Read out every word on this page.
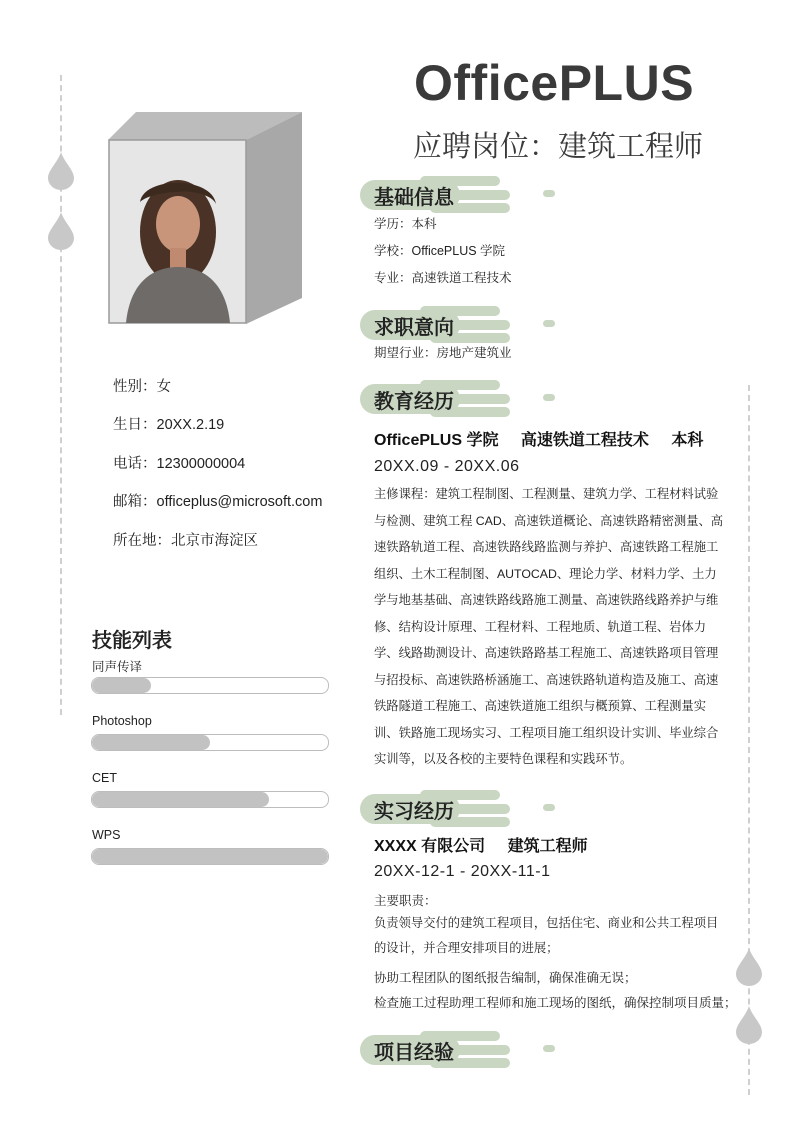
OfficePLUS
应聘岗位：建筑工程师
性别：女
生日：20XX.2.19
电话：12300000004
邮箱：officeplus@microsoft.com
所在地：北京市海淀区
技能列表
同声传译
Photoshop
CET
WPS
基础信息
学历：本科
学校：OfficePLUS 学院
专业：高速铁道工程技术
求职意向
期望行业：房地产建筑业
教育经历
OfficePLUS 学院 高速铁道工程技术 本科
20XX.09 - 20XX.06
主修课程：建筑工程制图、工程测量、建筑力学、工程材料试验与检测、建筑工程 CAD、高速铁道概论、高速铁路精密测量、高速铁路轨道工程、高速铁路线路监测与养护、高速铁路工程施工组织、土木工程制图、AUTOCAD、理论力学、材料力学、土力学与地基基础、高速铁路线路施工测量、高速铁路线路养护与维修、结构设计原理、工程材料、工程地质、轨道工程、岩体力学、线路勘测设计、高速铁路路基工程施工、高速铁路项目管理与招投标、高速铁路桥涵施工、高速铁路轨道构造及施工、高速铁路隧道工程施工、高速铁道施工组织与概预算、工程测量实训、铁路施工现场实习、工程项目施工组织设计实训、毕业综合实训等，以及各校的主要特色课程和实践环节。
实习经历
XXXX 有限公司 建筑工程师
20XX-12-1 - 20XX-11-1
主要职责：
负责领导交付的建筑工程项目，包括住宅、商业和公共工程项目的设计，并合理安排项目的进展；
协助工程团队的图纸报告编制，确保准确无误；
检查施工过程助理工程师和施工现场的图纸，确保控制项目质量；
项目经验
